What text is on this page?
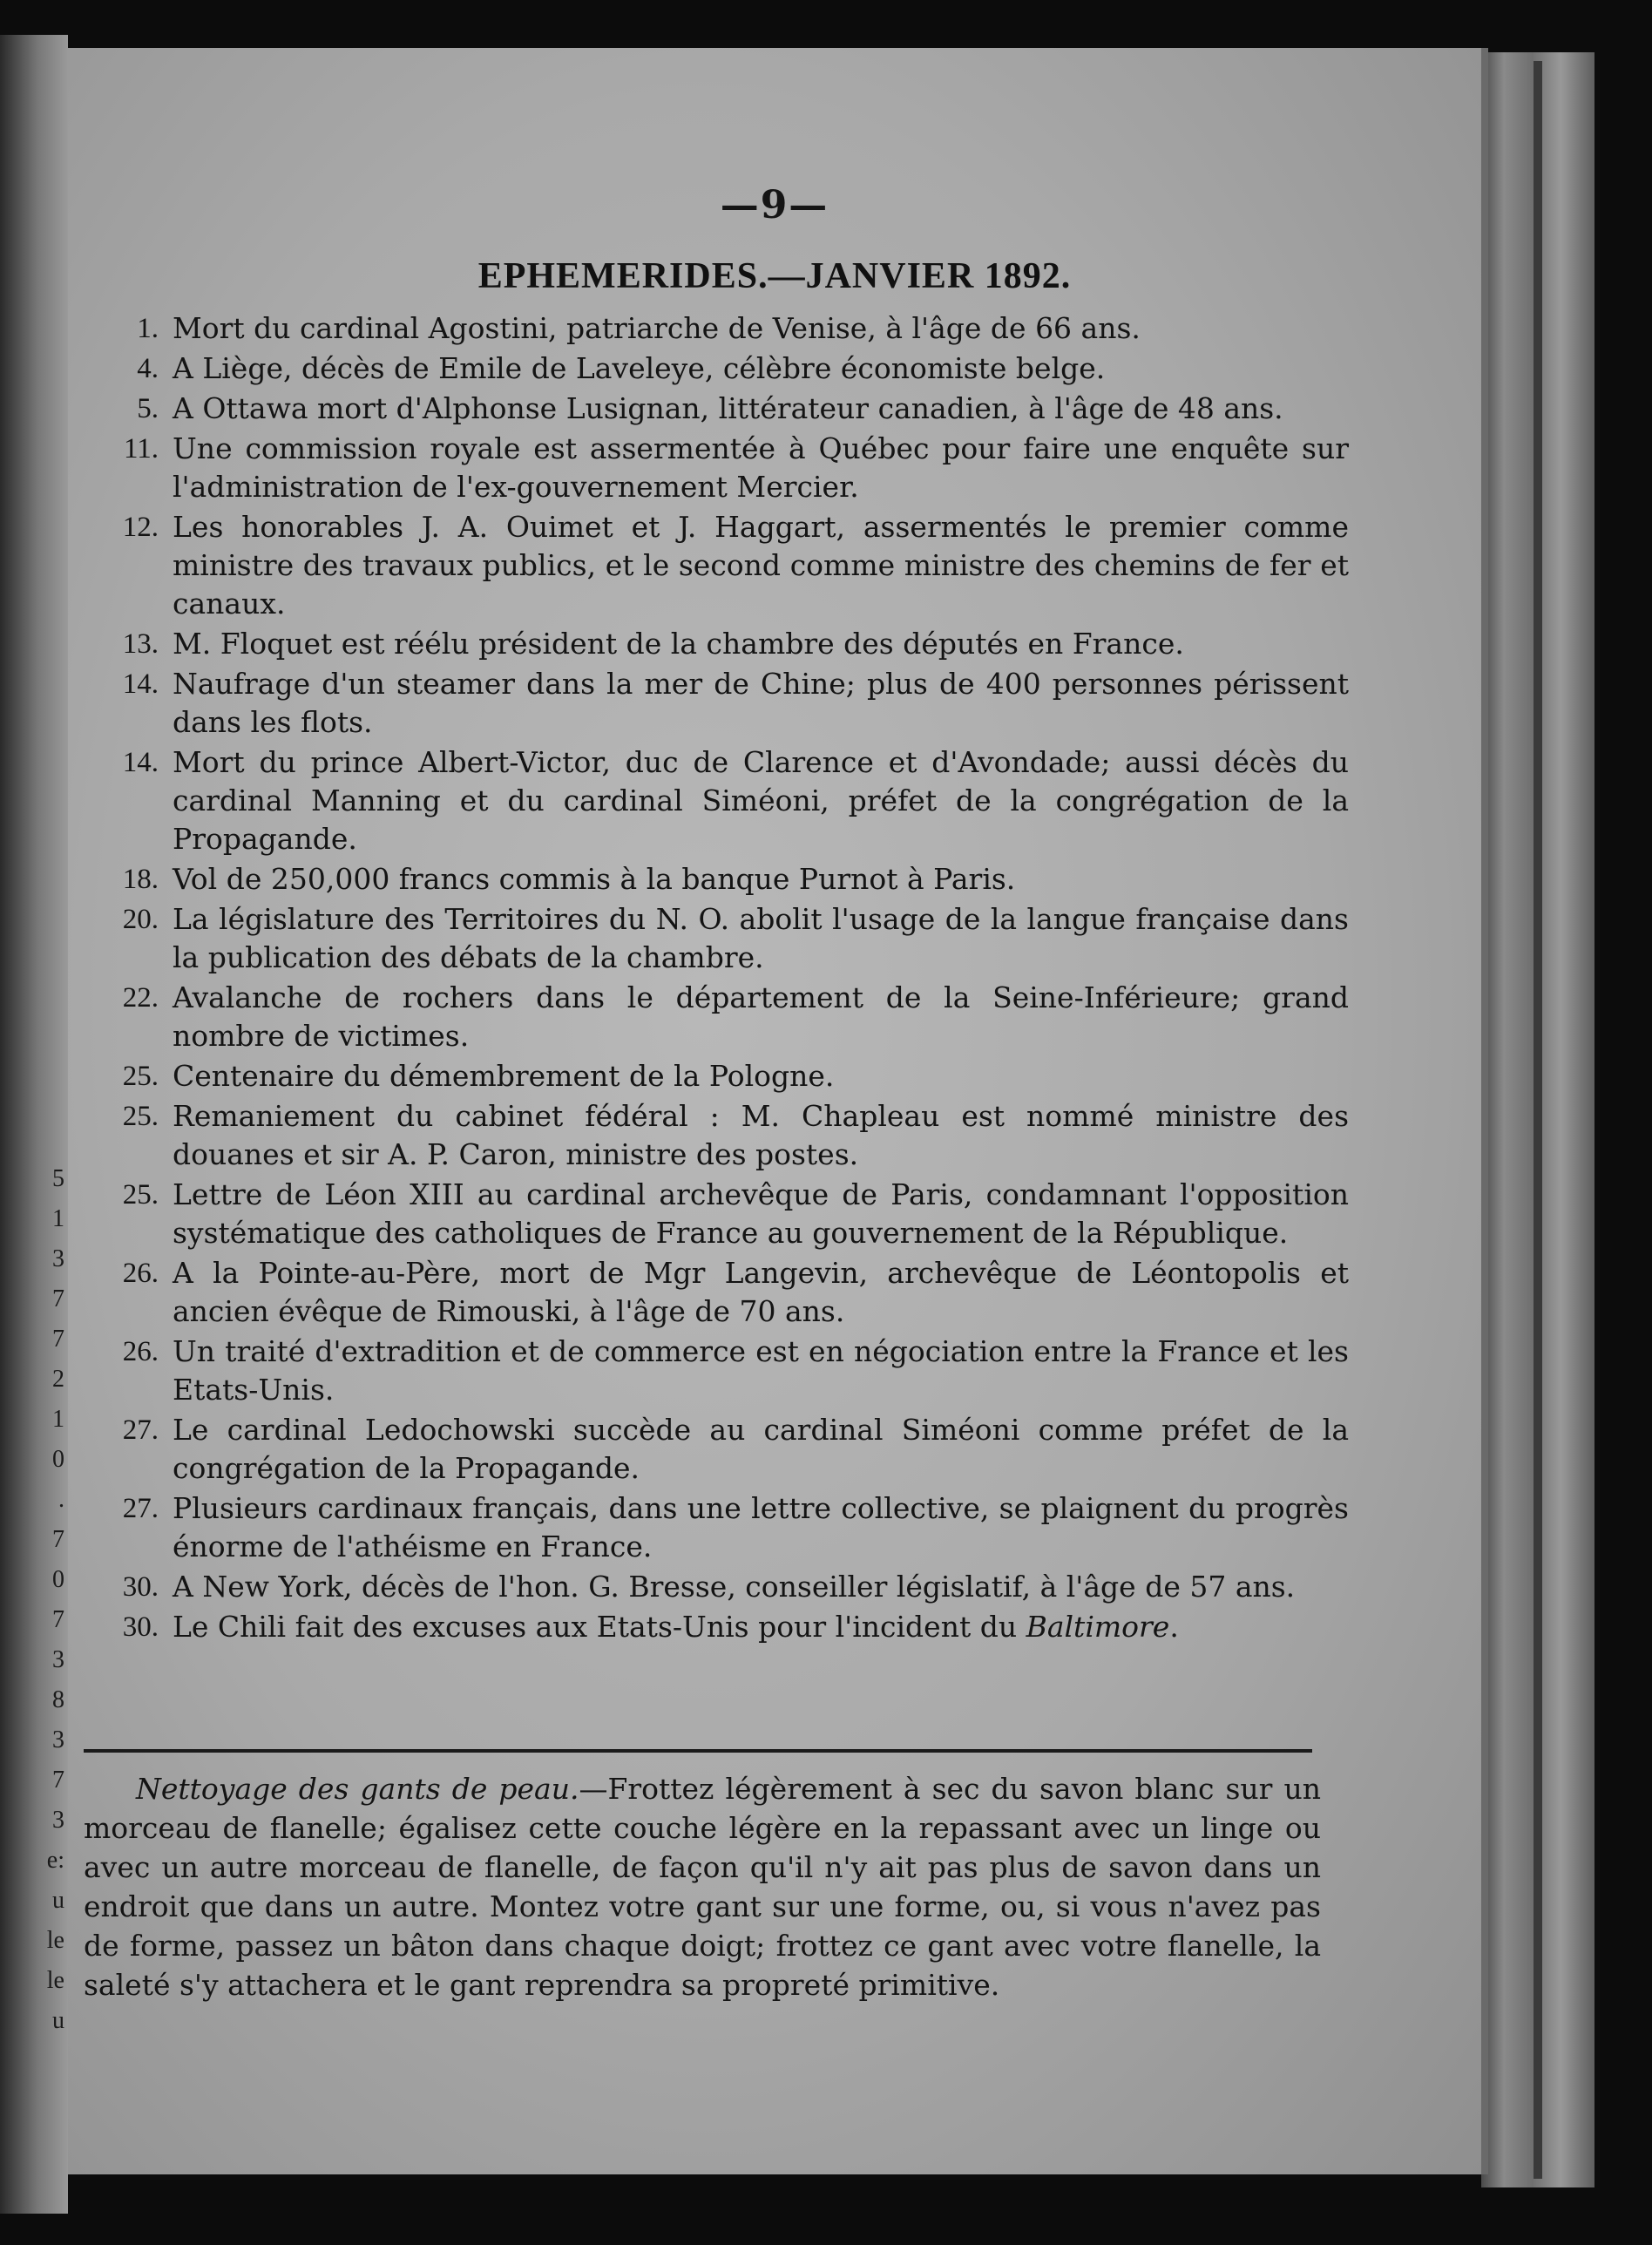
5
1
3
7
7
2
1
0
.
7
0
7
3
8
3
7
3
e:
u
le
le
u
—9—
EPHEMERIDES.—JANVIER 1892.
1. Mort du cardinal Agostini, patriarche de Venise, à l'âge de 66 ans.
4. A Liège, décès de Emile de Laveleye, célèbre économiste belge.
5. A Ottawa mort d'Alphonse Lusignan, littérateur canadien, à l'âge de 48 ans.
11. Une commission royale est assermentée à Québec pour faire une enquête sur l'administration de l'ex-gouvernement Mercier.
12. Les honorables J. A. Ouimet et J. Haggart, assermentés le premier comme ministre des travaux publics, et le second comme ministre des chemins de fer et canaux.
13. M. Floquet est réélu président de la chambre des députés en France.
14. Naufrage d'un steamer dans la mer de Chine; plus de 400 personnes périssent dans les flots.
14. Mort du prince Albert-Victor, duc de Clarence et d'Avondade; aussi décès du cardinal Manning et du cardinal Siméoni, préfet de la congrégation de la Propagande.
18. Vol de 250,000 francs commis à la banque Purnot à Paris.
20. La législature des Territoires du N. O. abolit l'usage de la langue française dans la publication des débats de la chambre.
22. Avalanche de rochers dans le département de la Seine-Inférieure; grand nombre de victimes.
25. Centenaire du démembrement de la Pologne.
25. Remaniement du cabinet fédéral : M. Chapleau est nommé ministre des douanes et sir A. P. Caron, ministre des postes.
25. Lettre de Léon XIII au cardinal archevêque de Paris, condamnant l'opposition systématique des catholiques de France au gouvernement de la République.
26. A la Pointe-au-Père, mort de Mgr Langevin, archevêque de Léontopolis et ancien évêque de Rimouski, à l'âge de 70 ans.
26. Un traité d'extradition et de commerce est en négociation entre la France et les Etats-Unis.
27. Le cardinal Ledochowski succède au cardinal Siméoni comme préfet de la congrégation de la Propagande.
27. Plusieurs cardinaux français, dans une lettre collective, se plaignent du progrès énorme de l'athéisme en France.
30. A New York, décès de l'hon. G. Bresse, conseiller législatif, à l'âge de 57 ans.
30. Le Chili fait des excuses aux Etats-Unis pour l'incident du Baltimore.

Nettoyage des gants de peau.—Frottez légèrement à sec du savon blanc sur un morceau de flanelle; égalisez cette couche légère en la repassant avec un linge ou avec un autre morceau de flanelle, de façon qu'il n'y ait pas plus de savon dans un endroit que dans un autre. Montez votre gant sur une forme, ou, si vous n'avez pas de forme, passez un bâton dans chaque doigt; frottez ce gant avec votre flanelle, la saleté s'y attachera et le gant reprendra sa propreté primitive.
